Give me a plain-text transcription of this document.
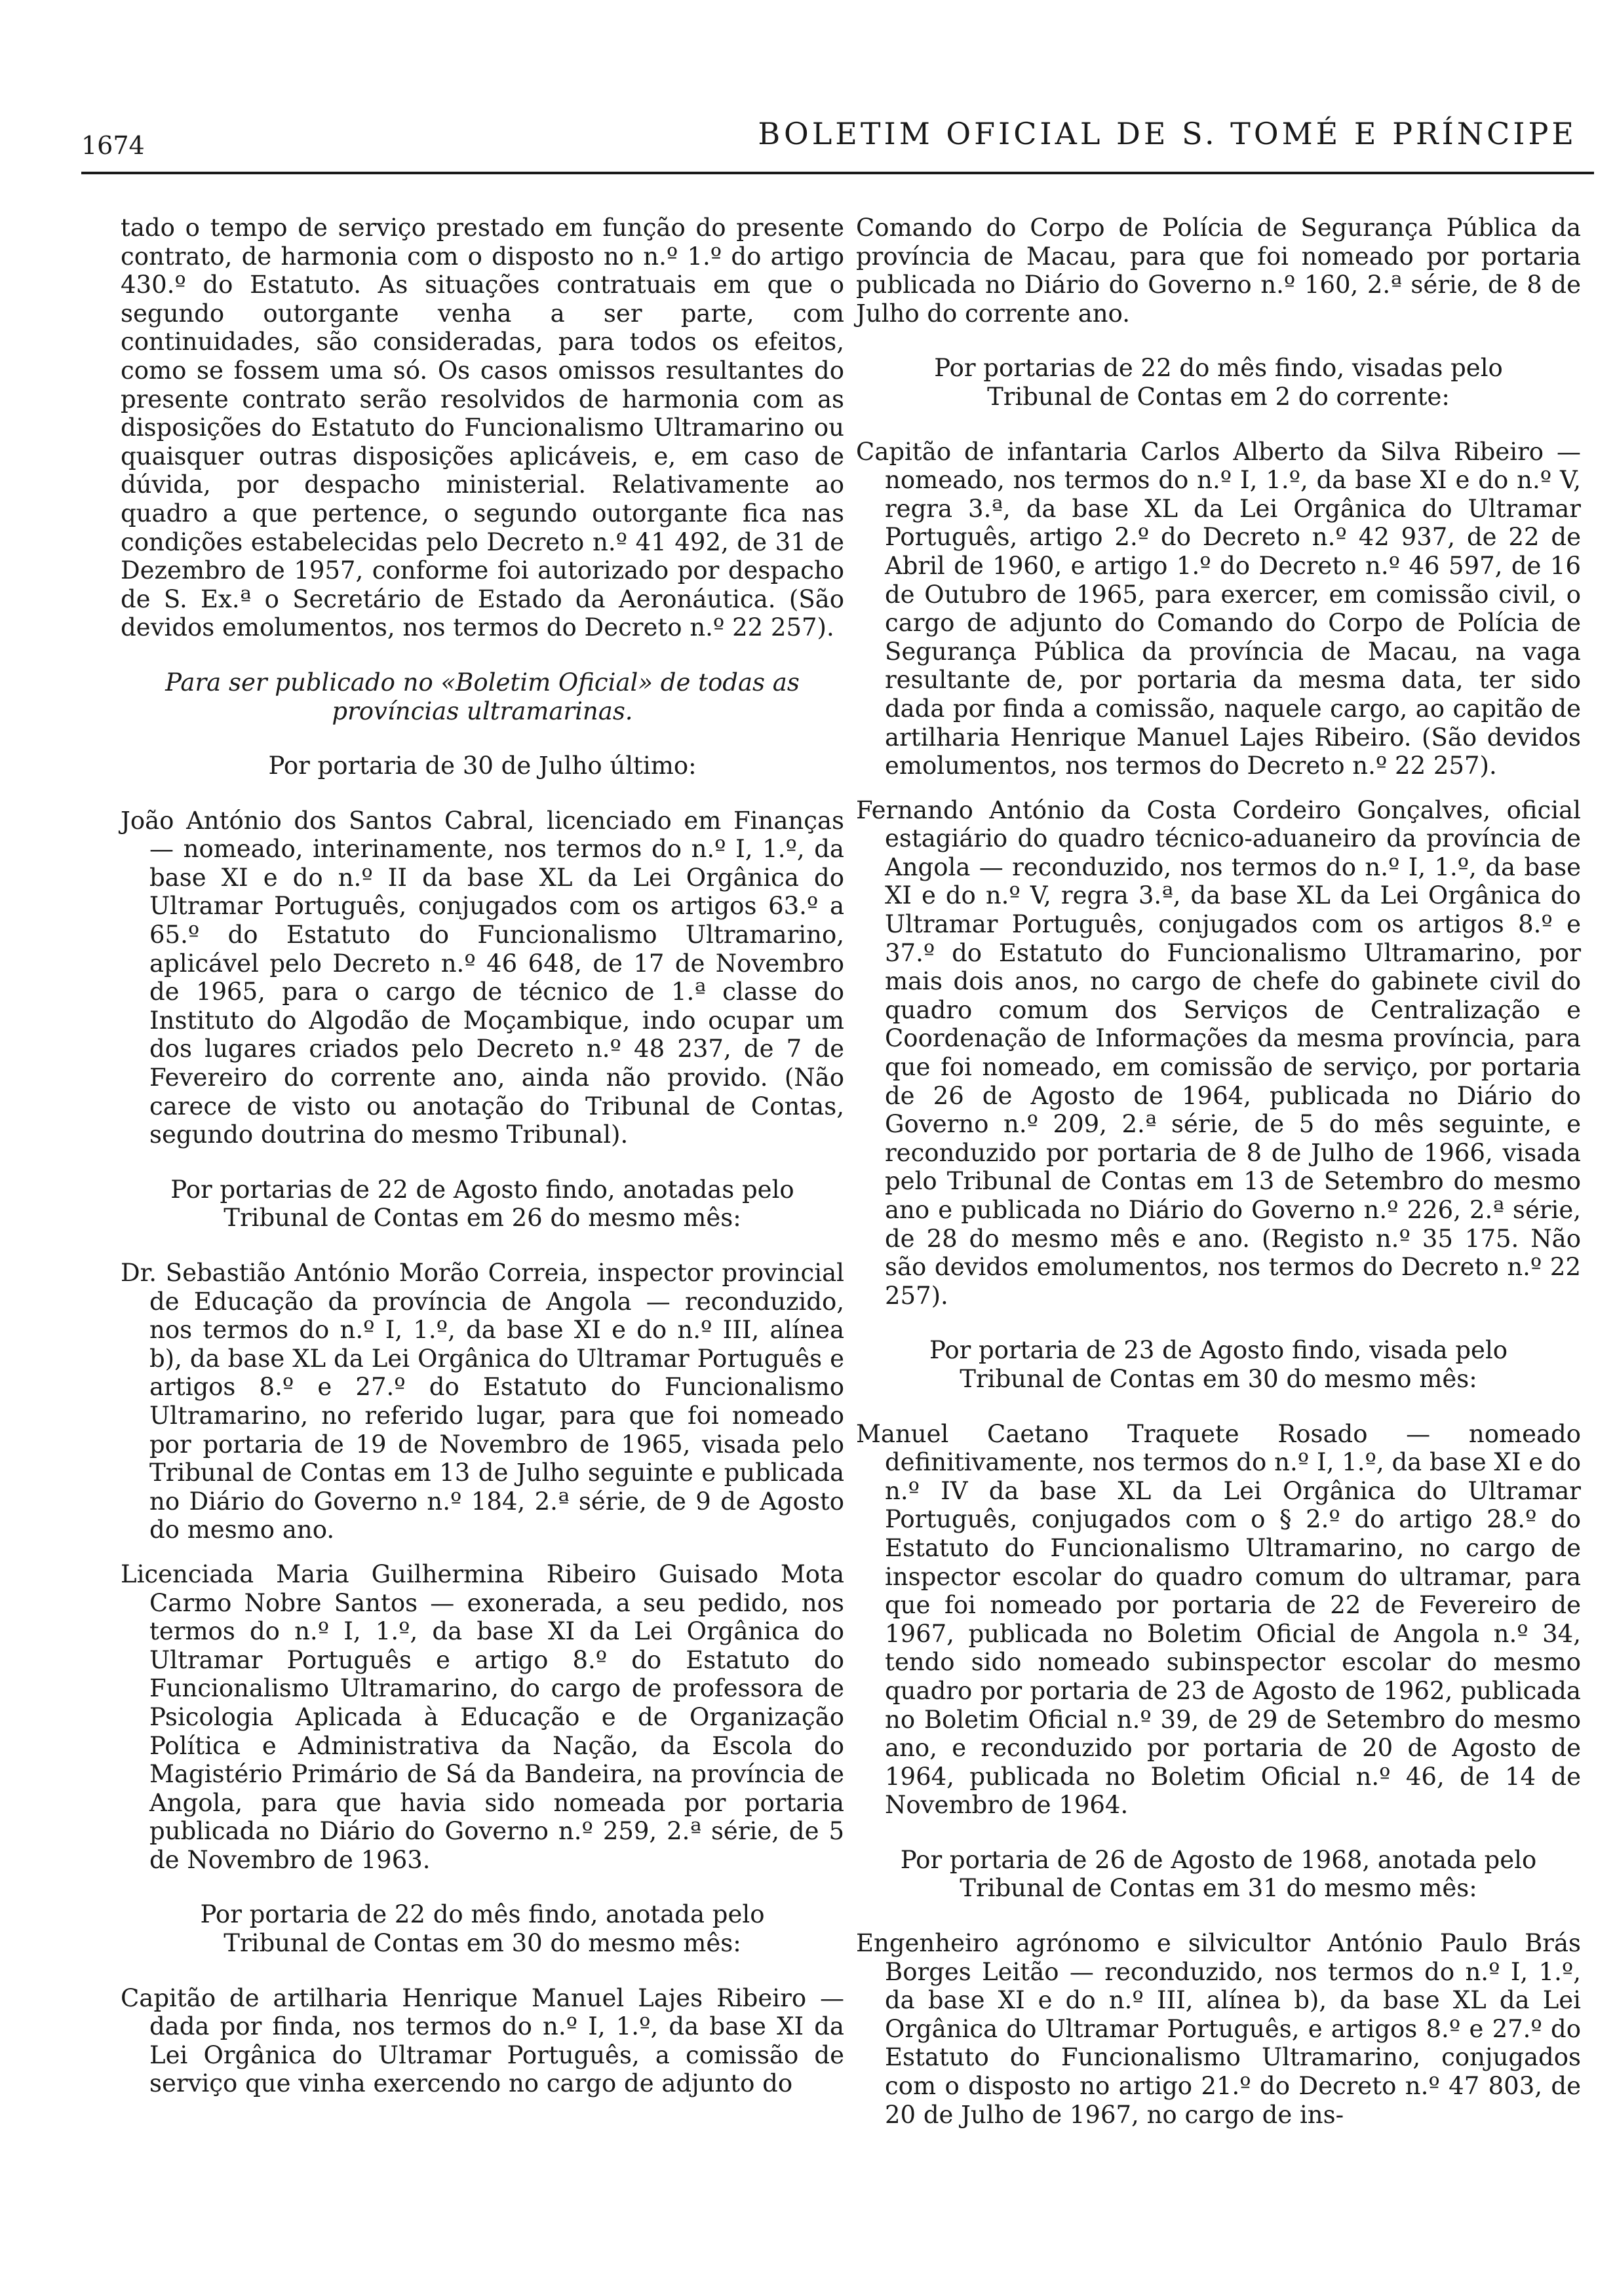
1674	BOLETIM OFICIAL DE S. TOMÉ E PRÍNCIPE

tado o tempo de serviço prestado em função do presente contrato, de harmonia com o disposto no n.º 1.º do artigo 430.º do Estatuto. As situações contratuais em que o segundo outorgante venha a ser parte, com continuidades, são consideradas, para todos os efeitos, como se fossem uma só. Os casos omissos resultantes do presente contrato serão resolvidos de harmonia com as disposições do Estatuto do Funcionalismo Ultramarino ou quaisquer outras disposições aplicáveis, e, em caso de dúvida, por despacho ministerial. Relativamente ao quadro a que pertence, o segundo outorgante fica nas condições estabelecidas pelo Decreto n.º 41 492, de 31 de Dezembro de 1957, conforme foi autorizado por despacho de S. Ex.ª o Secretário de Estado da Aeronáutica. (São devidos emolumentos, nos termos do Decreto n.º 22 257).

Para ser publicado no «Boletim Oficial» de todas as províncias ultramarinas.

Por portaria de 30 de Julho último:

João António dos Santos Cabral, licenciado em Finanças — nomeado, interinamente, nos termos do n.º I, 1.º, da base XI e do n.º II da base XL da Lei Orgânica do Ultramar Português, conjugados com os artigos 63.º a 65.º do Estatuto do Funcionalismo Ultramarino, aplicável pelo Decreto n.º 46 648, de 17 de Novembro de 1965, para o cargo de técnico de 1.ª classe do Instituto do Algodão de Moçambique, indo ocupar um dos lugares criados pelo Decreto n.º 48 237, de 7 de Fevereiro do corrente ano, ainda não provido. (Não carece de visto ou anotação do Tribunal de Contas, segundo doutrina do mesmo Tribunal).

Por portarias de 22 de Agosto findo, anotadas pelo Tribunal de Contas em 26 do mesmo mês:

Dr. Sebastião António Morão Correia, inspector provincial de Educação da província de Angola — reconduzido, nos termos do n.º I, 1.º, da base XI e do n.º III, alínea b), da base XL da Lei Orgânica do Ultramar Português e artigos 8.º e 27.º do Estatuto do Funcionalismo Ultramarino, no referido lugar, para que foi nomeado por portaria de 19 de Novembro de 1965, visada pelo Tribunal de Contas em 13 de Julho seguinte e publicada no Diário do Governo n.º 184, 2.ª série, de 9 de Agosto do mesmo ano.

Licenciada Maria Guilhermina Ribeiro Guisado Mota Carmo Nobre Santos — exonerada, a seu pedido, nos termos do n.º I, 1.º, da base XI da Lei Orgânica do Ultramar Português e artigo 8.º do Estatuto do Funcionalismo Ultramarino, do cargo de professora de Psicologia Aplicada à Educação e de Organização Política e Administrativa da Nação, da Escola do Magistério Primário de Sá da Bandeira, na província de Angola, para que havia sido nomeada por portaria publicada no Diário do Governo n.º 259, 2.ª série, de 5 de Novembro de 1963.

Por portaria de 22 do mês findo, anotada pelo Tribunal de Contas em 30 do mesmo mês:

Capitão de artilharia Henrique Manuel Lajes Ribeiro — dada por finda, nos termos do n.º I, 1.º, da base XI da Lei Orgânica do Ultramar Português, a comissão de serviço que vinha exercendo no cargo de adjunto do

Comando do Corpo de Polícia de Segurança Pública da província de Macau, para que foi nomeado por portaria publicada no Diário do Governo n.º 160, 2.ª série, de 8 de Julho do corrente ano.

Por portarias de 22 do mês findo, visadas pelo Tribunal de Contas em 2 do corrente:

Capitão de infantaria Carlos Alberto da Silva Ribeiro — nomeado, nos termos do n.º I, 1.º, da base XI e do n.º V, regra 3.ª, da base XL da Lei Orgânica do Ultramar Português, artigo 2.º do Decreto n.º 42 937, de 22 de Abril de 1960, e artigo 1.º do Decreto n.º 46 597, de 16 de Outubro de 1965, para exercer, em comissão civil, o cargo de adjunto do Comando do Corpo de Polícia de Segurança Pública da província de Macau, na vaga resultante de, por portaria da mesma data, ter sido dada por finda a comissão, naquele cargo, ao capitão de artilharia Henrique Manuel Lajes Ribeiro. (São devidos emolumentos, nos termos do Decreto n.º 22 257).

Fernando António da Costa Cordeiro Gonçalves, oficial estagiário do quadro técnico-aduaneiro da província de Angola — reconduzido, nos termos do n.º I, 1.º, da base XI e do n.º V, regra 3.ª, da base XL da Lei Orgânica do Ultramar Português, conjugados com os artigos 8.º e 37.º do Estatuto do Funcionalismo Ultramarino, por mais dois anos, no cargo de chefe do gabinete civil do quadro comum dos Serviços de Centralização e Coordenação de Informações da mesma província, para que foi nomeado, em comissão de serviço, por portaria de 26 de Agosto de 1964, publicada no Diário do Governo n.º 209, 2.ª série, de 5 do mês seguinte, e reconduzido por portaria de 8 de Julho de 1966, visada pelo Tribunal de Contas em 13 de Setembro do mesmo ano e publicada no Diário do Governo n.º 226, 2.ª série, de 28 do mesmo mês e ano. (Registo n.º 35 175. Não são devidos emolumentos, nos termos do Decreto n.º 22 257).

Por portaria de 23 de Agosto findo, visada pelo Tribunal de Contas em 30 do mesmo mês:

Manuel Caetano Traquete Rosado — nomeado definitivamente, nos termos do n.º I, 1.º, da base XI e do n.º IV da base XL da Lei Orgânica do Ultramar Português, conjugados com o § 2.º do artigo 28.º do Estatuto do Funcionalismo Ultramarino, no cargo de inspector escolar do quadro comum do ultramar, para que foi nomeado por portaria de 22 de Fevereiro de 1967, publicada no Boletim Oficial de Angola n.º 34, tendo sido nomeado subinspector escolar do mesmo quadro por portaria de 23 de Agosto de 1962, publicada no Boletim Oficial n.º 39, de 29 de Setembro do mesmo ano, e reconduzido por portaria de 20 de Agosto de 1964, publicada no Boletim Oficial n.º 46, de 14 de Novembro de 1964.

Por portaria de 26 de Agosto de 1968, anotada pelo Tribunal de Contas em 31 do mesmo mês:

Engenheiro agrónomo e silvicultor António Paulo Brás Borges Leitão — reconduzido, nos termos do n.º I, 1.º, da base XI e do n.º III, alínea b), da base XL da Lei Orgânica do Ultramar Português, e artigos 8.º e 27.º do Estatuto do Funcionalismo Ultramarino, conjugados com o disposto no artigo 21.º do Decreto n.º 47 803, de 20 de Julho de 1967, no cargo de ins-
